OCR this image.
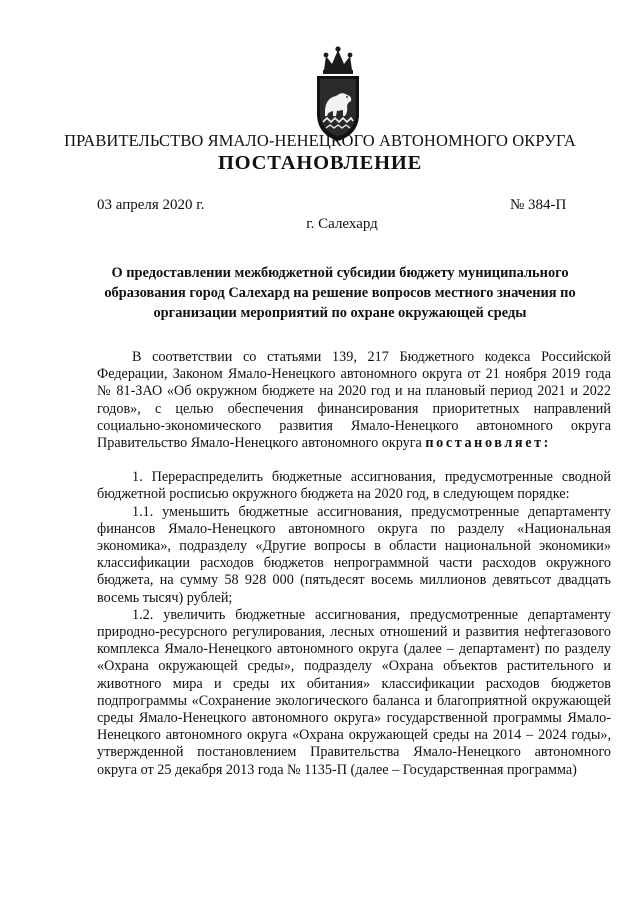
ПРАВИТЕЛЬСТВО ЯМАЛО-НЕНЕЦКОГО АВТОНОМНОГО ОКРУГА
ПОСТАНОВЛЕНИЕ
03 апреля 2020 г.	№ 384-П
г. Салехард
О предоставлении межбюджетной субсидии бюджету муниципального образования город Салехард на решение вопросов местного значения по организации мероприятий по охране окружающей среды

В соответствии со статьями 139, 217 Бюджетного кодекса Российской Федерации, Законом Ямало-Ненецкого автономного округа от 21 ноября 2019 года № 81-ЗАО «Об окружном бюджете на 2020 год и на плановый период 2021 и 2022 годов», с целью обеспечения финансирования приоритетных направлений социально-экономического развития Ямало-Ненецкого автономного округа Правительство Ямало-Ненецкого автономного округа постановляет:

1. Перераспределить бюджетные ассигнования, предусмотренные сводной бюджетной росписью окружного бюджета на 2020 год, в следующем порядке:

1.1. уменьшить бюджетные ассигнования, предусмотренные департаменту финансов Ямало-Ненецкого автономного округа по разделу «Национальная экономика», подразделу «Другие вопросы в области национальной экономики» классификации расходов бюджетов непрограммной части расходов окружного бюджета, на сумму 58 928 000 (пятьдесят восемь миллионов девятьсот двадцать восемь тысяч) рублей;

1.2. увеличить бюджетные ассигнования, предусмотренные департаменту природно-ресурсного регулирования, лесных отношений и развития нефтегазового комплекса Ямало-Ненецкого автономного округа (далее – департамент) по разделу «Охрана окружающей среды», подразделу «Охрана объектов растительного и животного мира и среды их обитания» классификации расходов бюджетов подпрограммы «Сохранение экологического баланса и благоприятной окружающей среды Ямало-Ненецкого автономного округа» государственной программы Ямало-Ненецкого автономного округа «Охрана окружающей среды на 2014 – 2024 годы», утвержденной постановлением Правительства Ямало-Ненецкого автономного округа от 25 декабря 2013 года № 1135-П (далее – Государственная программа)
